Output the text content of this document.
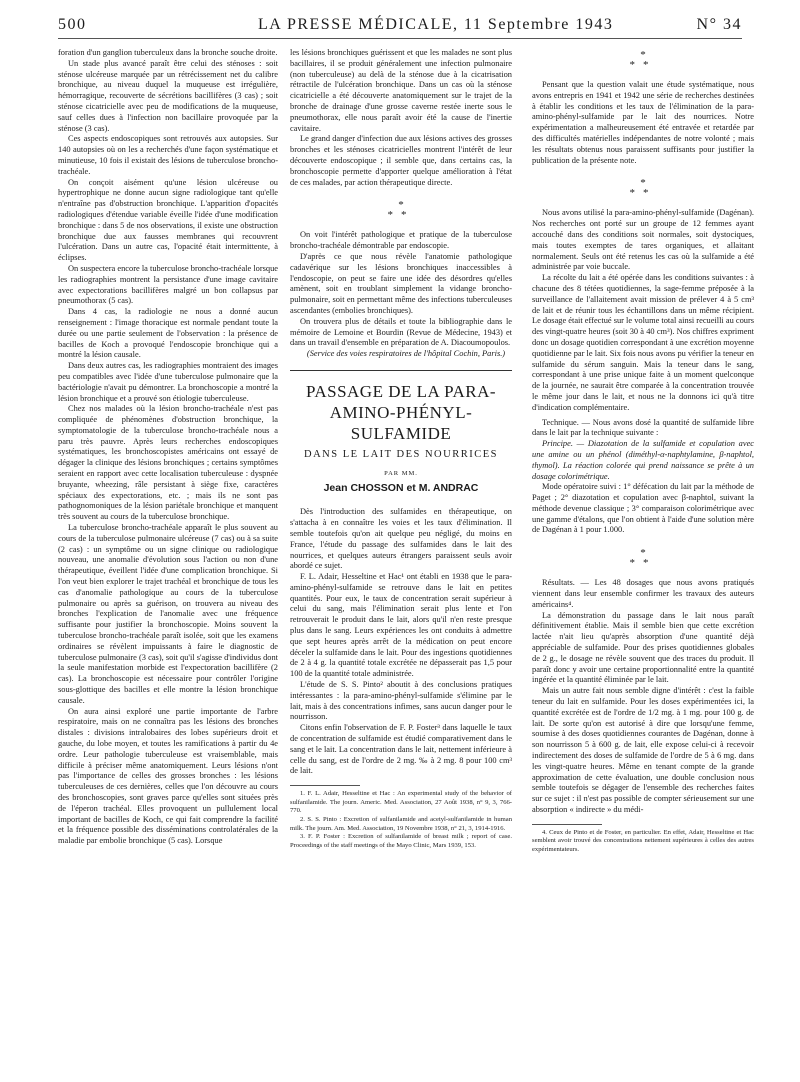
500	LA PRESSE MÉDICALE, 11 Septembre 1943	N° 34

foration d'un ganglion tuberculeux dans la bronche souche droite.

Un stade plus avancé paraît être celui des sténoses : soit sténose ulcéreuse marquée par un rétrécissement net du calibre bronchique, au niveau duquel la muqueuse est irrégulière, hémorragique, recouverte de sécrétions bacillifères (3 cas) ; soit sténose cicatricielle avec peu de modifications de la muqueuse, sauf celles dues à l'infection non bacillaire provoquée par la sténose (3 cas).

Ces aspects endoscopiques sont retrouvés aux autopsies. Sur 140 autopsies où on les a recherchés d'une façon systématique et minutieuse, 10 fois il existait des lésions de tuberculose broncho-trachéale.

On conçoit aisément qu'une lésion ulcéreuse ou hypertrophique ne donne aucun signe radiologique tant qu'elle n'entraîne pas d'obstruction bronchique. L'apparition d'opacités radiologiques d'étendue variable éveille l'idée d'une modification bronchique : dans 5 de nos observations, il existe une obstruction bronchique due aux fausses membranes qui recouvrent l'ulcération. Dans un autre cas, l'opacité était intermittente, à éclipses.

On suspectera encore la tuberculose broncho-trachéale lorsque les radiographies montrent la persistance d'une image cavitaire avec expectorations bacillifères malgré un bon collapsus par pneumothorax (5 cas).

Dans 4 cas, la radiologie ne nous a donné aucun renseignement : l'image thoracique est normale pendant toute la durée ou une partie seulement de l'observation : la présence de bacilles de Koch a provoqué l'endoscopie bronchique qui a montré la lésion causale.

Dans deux autres cas, les radiographies montraient des images peu compatibles avec l'idée d'une tuberculose pulmonaire que la bactériologie n'avait pu démontrer. La bronchoscopie a montré la lésion bronchique et a prouvé son étiologie tuberculeuse.

Chez nos malades où la lésion broncho-trachéale n'est pas compliquée de phénomènes d'obstruction bronchique, la symptomatologie de la tuberculose broncho-trachéale nous a paru très pauvre. Après leurs recherches endoscopiques systématiques, les bronchoscopistes américains ont essayé de dégager la clinique des lésions bronchiques ; certains symptômes seraient en rapport avec cette localisation tuberculeuse : dyspnée bruyante, wheezing, râle persistant à siège fixe, caractères spéciaux des expectorations, etc. ; mais ils ne sont pas pathognomoniques de la lésion pariétale bronchique et manquent très souvent au cours de la tuberculose bronchique.

La tuberculose broncho-trachéale apparaît le plus souvent au cours de la tuberculose pulmonaire ulcéreuse (7 cas) ou à sa suite (2 cas) : un symptôme ou un signe clinique ou radiologique nouveau, une anomalie d'évolution sous l'action ou non d'une thérapeutique, éveillent l'idée d'une complication bronchique. Si l'on veut bien explorer le trajet trachéal et bronchique de tous les cas d'anomalie pathologique au cours de la tuberculose pulmonaire ou après sa guérison, on trouvera au niveau des bronches l'explication de l'anomalie avec une fréquence suffisante pour justifier la bronchoscopie. Moins souvent la tuberculose broncho-trachéale paraît isolée, soit que les examens ordinaires se révèlent impuissants à faire le diagnostic de tuberculose pulmonaire (3 cas), soit qu'il s'agisse d'individus dont la seule manifestation morbide est l'expectoration bacillifère (2 cas). La bronchoscopie est nécessaire pour contrôler l'origine sous-glottique des bacilles et elle montre la lésion bronchique causale.

On aura ainsi exploré une partie importante de l'arbre respiratoire, mais on ne connaîtra pas les lésions des bronches distales : divisions intralobaires des lobes supérieurs droit et gauche, du lobe moyen, et toutes les ramifications à partir du 4e ordre. Leur pathologie tuberculeuse est vraisemblable, mais difficile à préciser même anatomiquement. Leurs lésions n'ont pas l'importance de celles des grosses bronches : les lésions tuberculeuses de ces dernières, celles que l'on découvre au cours des bronchoscopies, sont graves parce qu'elles sont situées près de l'éperon trachéal. Elles provoquent un pullulement local important de bacilles de Koch, ce qui fait comprendre la facilité et la fréquence possible des disséminations controlatérales de la maladie par embolie bronchique (5 cas). Lorsque

les lésions bronchiques guérissent et que les malades ne sont plus bacillaires, il se produit généralement une infection pulmonaire (non tuberculeuse) au delà de la sténose due à la cicatrisation rétractile de l'ulcération bronchique. Dans un cas où la sténose cicatricielle a été découverte anatomiquement sur le trajet de la bronche de drainage d'une grosse caverne restée inerte sous le pneumothorax, elle nous paraît avoir été la cause de l'inertie cavitaire.

Le grand danger d'infection due aux lésions actives des grosses bronches et les sténoses cicatricielles montrent l'intérêt de leur découverte endoscopique ; il semble que, dans certains cas, la bronchoscopie permette d'apporter quelque amélioration à l'état de ces malades, par action thérapeutique directe.

*
**

On voit l'intérêt pathologique et pratique de la tuberculose broncho-trachéale démontrable par endoscopie.

D'après ce que nous révèle l'anatomie pathologique cadavérique sur les lésions bronchiques inaccessibles à l'endoscopie, on peut se faire une idée des désordres qu'elles amènent, soit en troublant simplement la vidange broncho-pulmonaire, soit en permettant même des infections tuberculeuses ascendantes (embolies bronchiques).

On trouvera plus de détails et toute la bibliographie dans le mémoire de Lemoine et Bourdin (Revue de Médecine, 1943) et dans un travail d'ensemble en préparation de A. Diacoumopoulos.

(Service des voies respiratoires de l'hôpital Cochin, Paris.)

PASSAGE DE LA PARA-AMINO-PHÉNYL-SULFAMIDE
DANS LE LAIT DES NOURRICES
PAR MM.
Jean CHOSSON et M. ANDRAC

Dès l'introduction des sulfamides en thérapeutique, on s'attacha à en connaître les voies et les taux d'élimination. Il semble toutefois qu'on ait quelque peu négligé, du moins en France, l'étude du passage des sulfamides dans le lait des nourrices, et quelques auteurs étrangers paraissent seuls avoir abordé ce sujet.

F. L. Adair, Hesseltine et Hac¹ ont établi en 1938 que le para-amino-phényl-sulfamide se retrouve dans le lait en petites quantités. Pour eux, le taux de concentration serait supérieur à celui du sang, mais l'élimination serait plus lente et l'on retrouverait le produit dans le lait, alors qu'il n'en reste presque plus dans le sang. Leurs expériences les ont conduits à admettre que sept heures après arrêt de la médication on peut encore déceler la sulfamide dans le lait. Pour des ingestions quotidiennes de 2 à 4 g. la quantité totale excrétée ne dépasserait pas 1,5 pour 100 de la quantité totale administrée.

L'étude de S. S. Pinto² aboutit à des conclusions pratiques intéressantes : la para-amino-phényl-sulfamide s'élimine par le lait, mais à des concentrations infimes, sans aucun danger pour le nourrisson.

Citons enfin l'observation de F. P. Foster³ dans laquelle le taux de concentration de sulfamide est étudié comparativement dans le sang et le lait. La concentration dans le lait, nettement inférieure à celle du sang, est de l'ordre de 2 mg. ‰ à 2 mg. 8 pour 100 cm³ de lait.

1. F. L. Adair, Hesseltine et Hac : An experimental study of the behavior of sulfanilamide. The journ. Americ. Med. Association, 27 Août 1938, n° 9, 3, 766-770.

2. S. S. Pinto : Excretion of sulfanilamide and acetyl-sulfanilamide in human milk. The journ. Am. Med. Association, 19 Novembre 1938, n° 21, 3, 1914-1916.

3. F. P. Foster : Excretion of sulfanilamide of breast milk ; report of case. Proceedings of the staff meetings of the Mayo Clinic, Mars 1939, 153.

*
**

Pensant que la question valait une étude systématique, nous avons entrepris en 1941 et 1942 une série de recherches destinées à établir les conditions et les taux de l'élimination de la para-amino-phényl-sulfamide par le lait des nourrices. Notre expérimentation a malheureusement été entravée et retardée par des difficultés matérielles indépendantes de notre volonté ; mais les résultats obtenus nous paraissent suffisants pour justifier la publication de la présente note.

*
**

Nous avons utilisé la para-amino-phényl-sulfamide (Dagénan). Nos recherches ont porté sur un groupe de 12 femmes ayant accouché dans des conditions soit normales, soit dystociques, mais toutes exemptes de tares organiques, et allaitant normalement. Seuls ont été retenus les cas où la sulfamide a été administrée par voie buccale.

La récolte du lait a été opérée dans les conditions suivantes : à chacune des 8 tétées quotidiennes, la sage-femme préposée à la surveillance de l'allaitement avait mission de prélever 4 à 5 cm³ de lait et de réunir tous les échantillons dans un même récipient. Le dosage était effectué sur le volume total ainsi recueilli au cours des vingt-quatre heures (soit 30 à 40 cm³). Nos chiffres expriment donc un dosage quotidien correspondant à une excrétion moyenne quotidienne par le lait. Six fois nous avons pu vérifier la teneur en sulfamide du sérum sanguin. Mais la teneur dans le sang, correspondant à une prise unique faite à un moment quelconque de la journée, ne saurait être comparée à la concentration trouvée le même jour dans le lait, et nous ne la donnons ici qu'à titre d'indication complémentaire.

Technique. — Nous avons dosé la quantité de sulfamide libre dans le lait par la technique suivante :

Principe. — Diazotation de la sulfamide et copulation avec une amine ou un phénol (diméthyl-α-naphtylamine, β-naphtol, thymol). La réaction colorée qui prend naissance se prête à un dosage colorimétrique.

Mode opératoire suivi : 1° défécation du lait par la méthode de Paget ; 2° diazotation et copulation avec β-naphtol, suivant la méthode devenue classique ; 3° comparaison colorimétrique avec une gamme d'étalons, que l'on obtient à l'aide d'une solution mère de Dagénan à 1 pour 1.000.

*
**

Résultats. — Les 48 dosages que nous avons pratiqués viennent dans leur ensemble confirmer les travaux des auteurs américains⁴.

La démonstration du passage dans le lait nous paraît définitivement établie. Mais il semble bien que cette excrétion lactée n'ait lieu qu'après absorption d'une quantité déjà appréciable de sulfamide. Pour des prises quotidiennes globales de 2 g., le dosage ne révèle souvent que des traces du produit. Il paraît donc y avoir une certaine proportionnalité entre la quantité ingérée et la quantité éliminée par le lait.

Mais un autre fait nous semble digne d'intérêt : c'est la faible teneur du lait en sulfamide. Pour les doses expérimentées ici, la quantité excrétée est de l'ordre de 1/2 mg. à 1 mg. pour 100 g. de lait. De sorte qu'on est autorisé à dire que lorsqu'une femme, soumise à des doses quotidiennes courantes de Dagénan, donne à son nourrisson 5 à 600 g. de lait, elle expose celui-ci à recevoir indirectement des doses de sulfamide de l'ordre de 5 à 6 mg. dans les vingt-quatre heures. Même en tenant compte de la grande approximation de cette évaluation, une double conclusion nous semble toutefois se dégager de l'ensemble des recherches faites sur ce sujet : il n'est pas possible de compter sérieusement sur une absorption « indirecte » du médi-

4. Ceux de Pinto et de Foster, en particulier. En effet, Adair, Hesseltine et Hac semblent avoir trouvé des concentrations nettement supérieures à celles des autres expérimentateurs.
